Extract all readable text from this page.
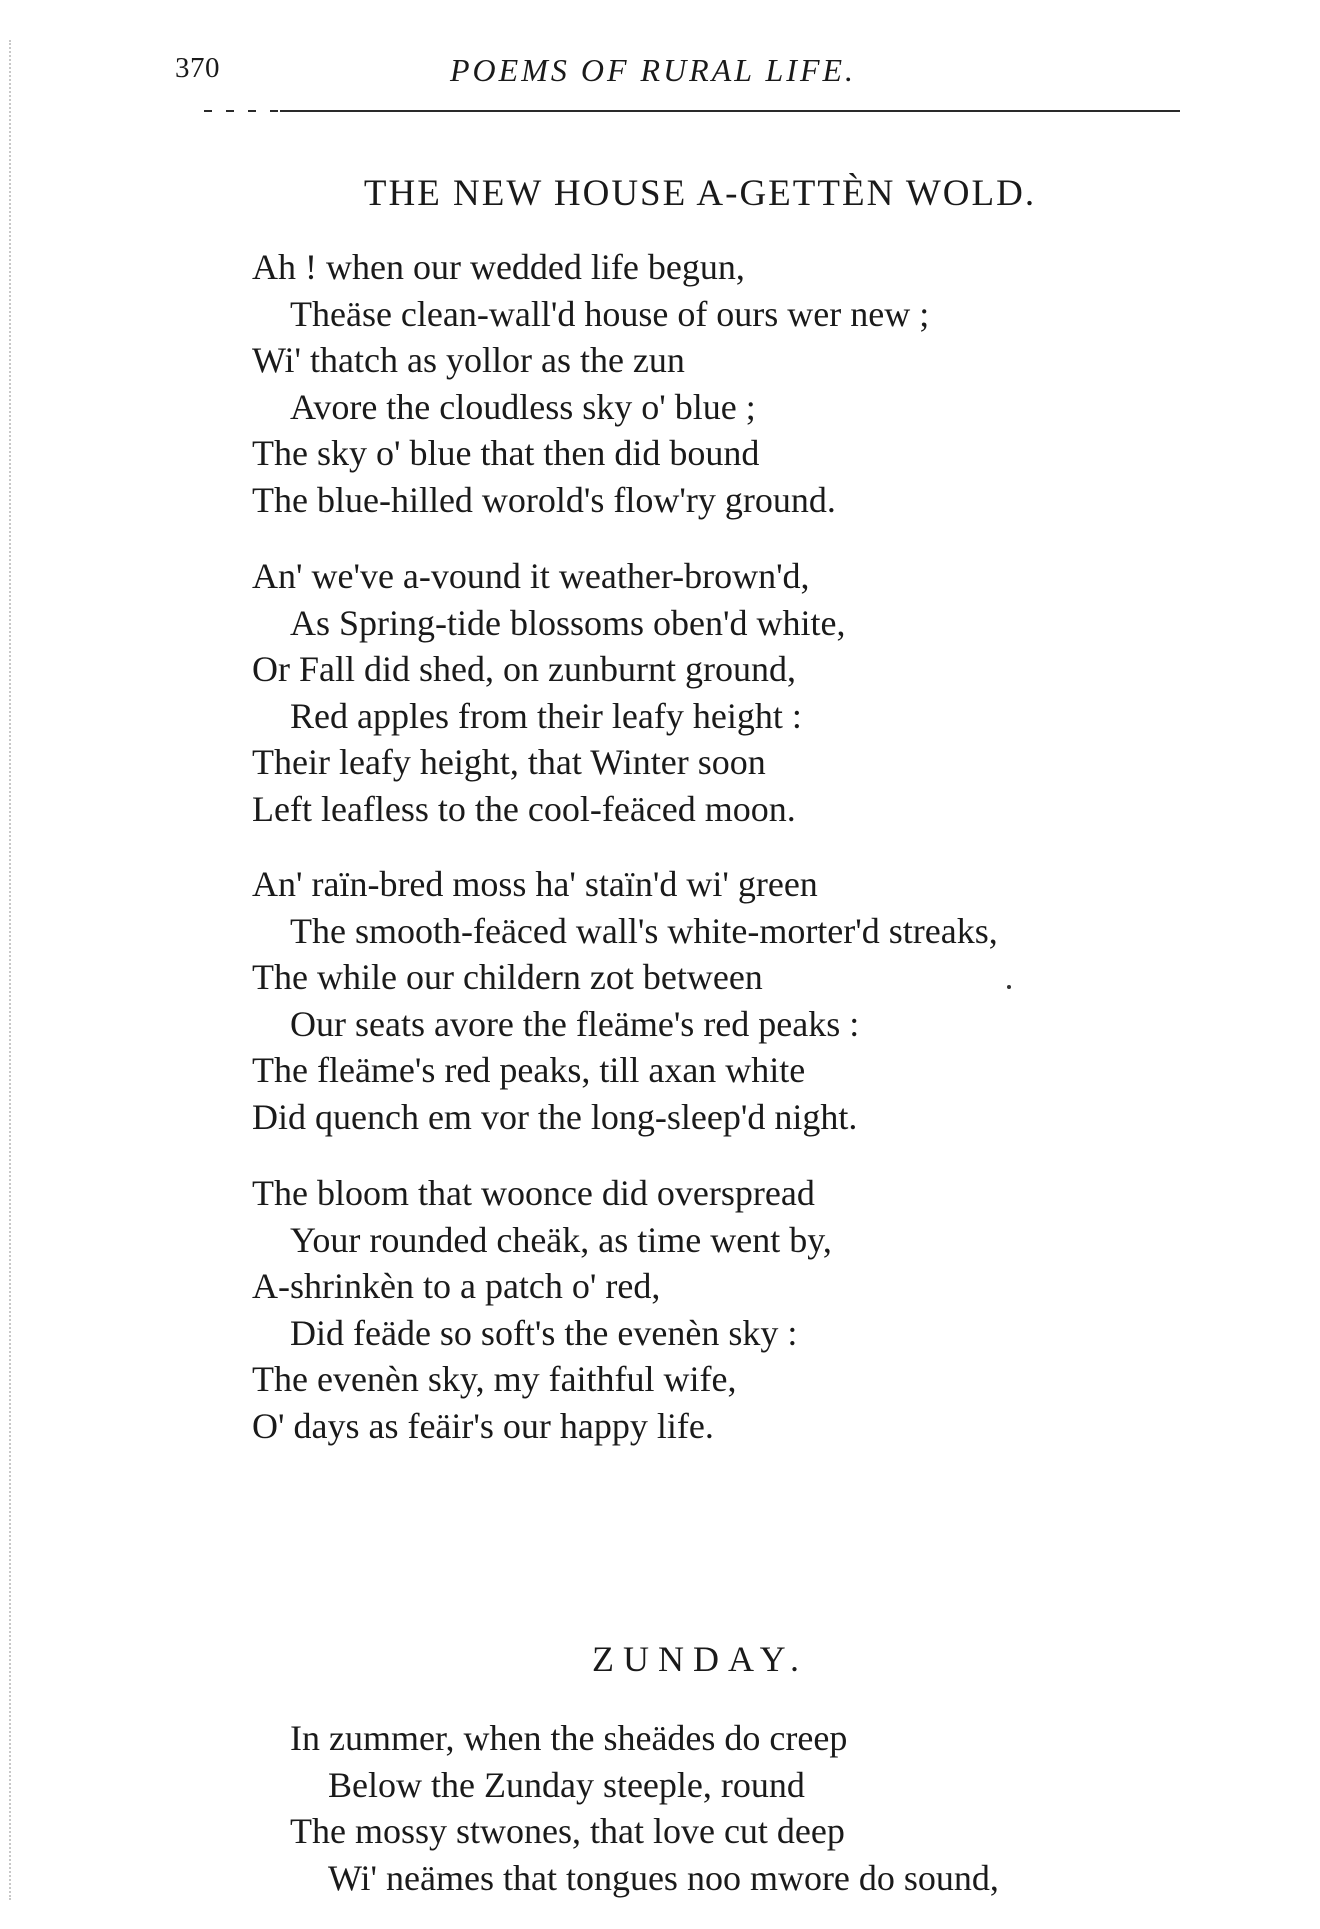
370	POEMS OF RURAL LIFE.
THE NEW HOUSE A-GETTÈN WOLD.
Ah ! when our wedded life begun,
Theäse clean-wall'd house of ours wer new ;
Wi' thatch as yollor as the zun
Avore the cloudless sky o' blue ;
The sky o' blue that then did bound
The blue-hilled worold's flow'ry ground.
An' we've a-vound it weather-brown'd,
As Spring-tide blossoms oben'd white,
Or Fall did shed, on zunburnt ground,
Red apples from their leafy height :
Their leafy height, that Winter soon
Left leafless to the cool-feäced moon.
An' raïn-bred moss ha' staïn'd wi' green
The smooth-feäced wall's white-morter'd streaks,
The while our childern zot between
Our seats avore the fleäme's red peaks :
The fleäme's red peaks, till axan white
Did quench em vor the long-sleep'd night.
The bloom that woonce did overspread
Your rounded cheäk, as time went by,
A-shrinkèn to a patch o' red,
Did feäde so soft's the evenèn sky :
The evenèn sky, my faithful wife,
O' days as feäir's our happy life.
ZUNDAY.
In zummer, when the sheädes do creep
Below the Zunday steeple, round
The mossy stwones, that love cut deep
Wi' neämes that tongues noo mwore do sound,
